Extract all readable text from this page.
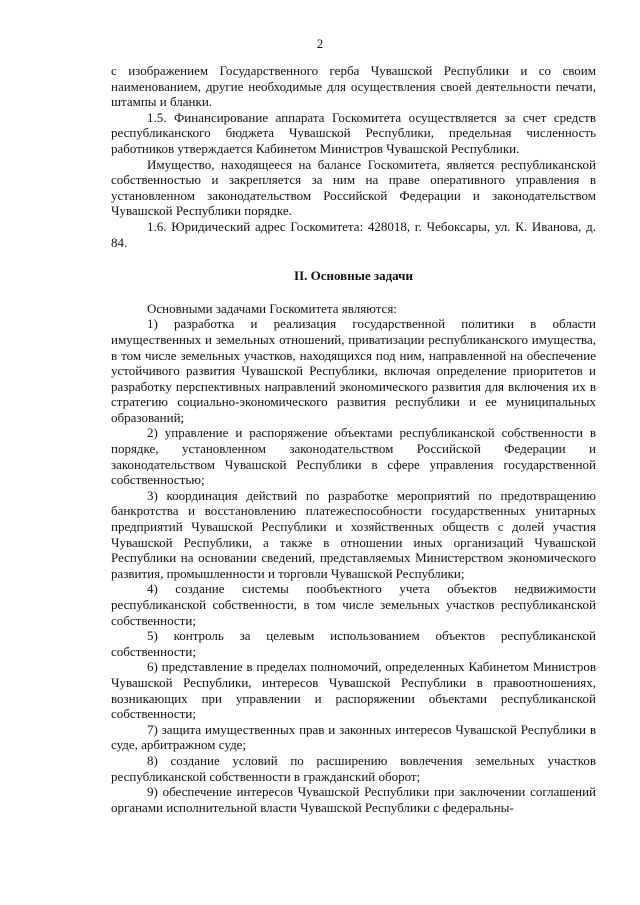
2

с изображением Государственного герба Чувашской Республики и со своим наименованием, другие необходимые для осуществления своей деятельности печати, штампы и бланки.

1.5. Финансирование аппарата Госкомитета осуществляется за счет средств республиканского бюджета Чувашской Республики, предельная численность работников утверждается Кабинетом Министров Чувашской Республики.

Имущество, находящееся на балансе Госкомитета, является республиканской собственностью и закрепляется за ним на праве оперативного управления в установленном законодательством Российской Федерации и законодательством Чувашской Республики порядке.

1.6. Юридический адрес Госкомитета: 428018, г. Чебоксары, ул. К. Иванова, д. 84.

II. Основные задачи

Основными задачами Госкомитета являются:

1) разработка и реализация государственной политики в области имущественных и земельных отношений, приватизации республиканского имущества, в том числе земельных участков, находящихся под ним, направленной на обеспечение устойчивого развития Чувашской Республики, включая определение приоритетов и разработку перспективных направлений экономического развития для включения их в стратегию социально-экономического развития республики и ее муниципальных образований;

2) управление и распоряжение объектами республиканской собственности в порядке, установленном законодательством Российской Федерации и законодательством Чувашской Республики в сфере управления государственной собственностью;

3) координация действий по разработке мероприятий по предотвращению банкротства и восстановлению платежеспособности государственных унитарных предприятий Чувашской Республики и хозяйственных обществ с долей участия Чувашской Республики, а также в отношении иных организаций Чувашской Республики на основании сведений, представляемых Министерством экономического развития, промышленности и торговли Чувашской Республики;

4) создание системы пообъектного учета объектов недвижимости республиканской собственности, в том числе земельных участков республиканской собственности;

5) контроль за целевым использованием объектов республиканской собственности;

6) представление в пределах полномочий, определенных Кабинетом Министров Чувашской Республики, интересов Чувашской Республики в правоотношениях, возникающих при управлении и распоряжении объектами республиканской собственности;

7) защита имущественных прав и законных интересов Чувашской Республики в суде, арбитражном суде;

8) создание условий по расширению вовлечения земельных участков республиканской собственности в гражданский оборот;

9) обеспечение интересов Чувашской Республики при заключении соглашений органами исполнительной власти Чувашской Республики с федеральны-
